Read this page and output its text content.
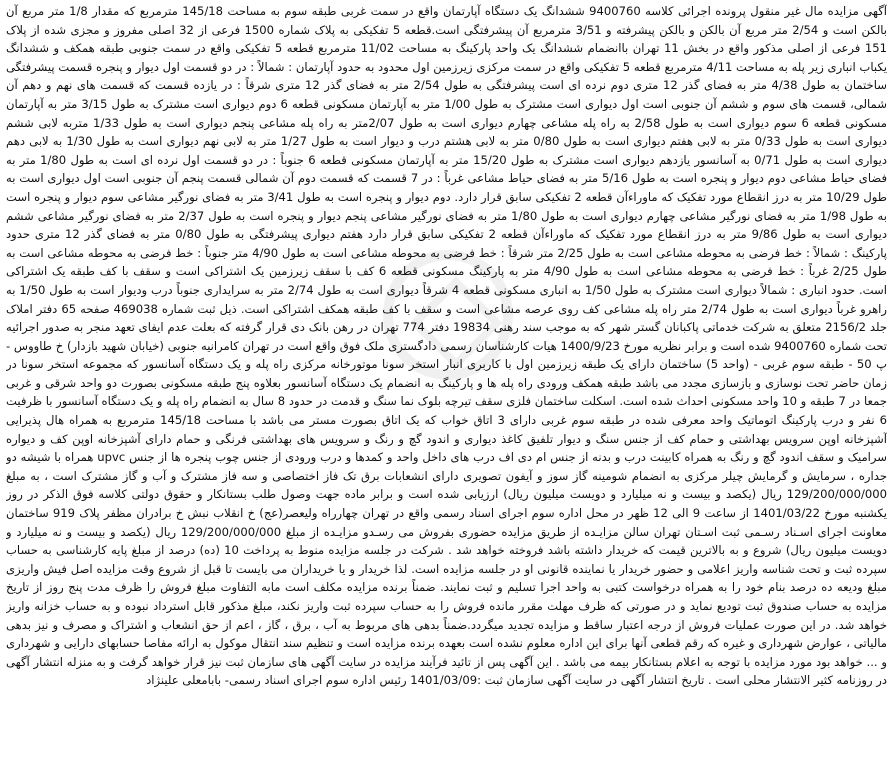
آگهی مزایده مال غیر منقول پرونده اجرائی کلاسه 9400760 ششدانگ یک دستگاه آپارتمان واقع در سمت غربی طبقه سوم به مساحت 145/18 مترمربع که مقدار 1/8 متر مربع آن بالکن است و 2/54 متر مربع آن بالکن و بالکن پیشرفته و 3/51 مترمربع آن پیشرفتگی است.قطعه 5 تفکیکی به پلاک شماره 1500 فرعی از 32 اصلی مفروز و مجزی شده از پلاک 151 فرعی از اصلی مذکور واقع در بخش 11 تهران باانضمام ششدانگ یک واحد پارکینگ به مساحت 11/02 مترمربع قطعه 5 تفکیکی واقع در سمت جنوبی طبقه همکف و ششدانگ یکباب انباری زیر پله به مساحت 4/11 مترمربع قطعه 5 تفکیکی واقع در سمت مرکزی زیرزمین اول محدود به حدود آپارتمان : شمالاً : در دو قسمت اول دیوار و پنجره قسمت پیشرفتگی ساختمان به طول 4/38 متر به فضای گذر 12 متری دوم نرده ای است پیشرفتگی به طول 2/54 متر به فضای گذر 12 متری شرقاً : در یازده قسمت که قسمت های نهم و دهم آن شمالی، قسمت های سوم و ششم آن جنوبی است اول دیواری است مشترک به طول 1/00 متر به آپارتمان مسکونی قطعه 6 دوم دیواری است مشترک به طول 3/15 متر به آپارتمان مسکونی قطعه 6 سوم دیواری است به طول 2/58 به راه پله مشاعی چهارم دیواری است به طول 2/07متر به راه پله مشاعی پنجم دیواری است به طول 1/33 متربه لابی ششم دیواری است به طول 0/33 متر به لابی هفتم دیواری است به طول 0/80 متر به لابی هشتم درب و دیوار است به طول 1/27 متر به لابی نهم دیواری است به طول 1/30 به لابی دهم دیواری است به طول 0/71 به آسانسور یازدهم دیواری است مشترک به طول 15/20 متر به آپارتمان مسکونی قطعه 6 جنوباً : در دو قسمت اول نرده ای است به طول 1/80 متر به فضای حیاط مشاعی دوم دیوار و پنجره است به طول 5/16 متر به فضای حیاط مشاعی غرباً : در 7 قسمت که قسمت دوم آن شمالی قسمت پنجم آن جنوبی است اول دیواری است به طول 10/29 متر به درز انقطاع مورد تفکیک که ماوراءآن قطعه 2 تفکیکی سابق قرار دارد. دوم دیوار و پنجره است به طول 3/41 متر به فضای نورگیر مشاعی سوم دیوار و پنجره است به طول 1/98 متر به فضای نورگیر مشاعی چهارم دیواری است به طول 1/80 متر به فضای نورگیر مشاعی پنجم دیوار و پنجره است به طول 2/37 متر به فضای نورگیر مشاعی ششم دیواری است به طول 9/86 متر به درز انقطاع مورد تفکیک که ماوراءآن قطعه 2 تفکیکی سابق قرار دارد هفتم دیواری پیشرفتگی به طول 0/80 متر به فضای گذر 12 متری حدود پارکینگ : شمالاً : خط فرضی به محوطه مشاعی است به طول 2/25 متر شرقاً : خط فرضی به محوطه مشاعی است به طول 4/90 متر جنوباً : خط فرضی به محوطه مشاعی است به طول 2/25 غرباً : خط فرضی به محوطه مشاعی است به طول 4/90 متر به پارکینگ مسکونی قطعه 6 کف با سقف زیرزمین یک اشتراکی است و سقف با کف طبقه یک اشتراکی است. حدود انباری : شمالاً دیواری است مشترک به طول 1/50 به انباری مسکونی قطعه 4 شرقاً دیواری است به طول 2/74 متر به سرایداری جنوباً درب ودیوار است به طول 1/50 به راهرو غرباً دیواری است به طول 2/74 متر راه پله مشاعی کف روی عرصه مشاعی است و سقف با کف طبقه همکف اشتراکی است. ذیل ثبت شماره 469038 صفحه 65 دفتر املاک جلد 2156/2 متعلق به شرکت خدماتی پاکبانان گستر شهر که به موجب سند رهنی 19834 دفتر 774 تهران در رهن بانک دی قرار گرفته که بعلت عدم ایفای تعهد منجر به صدور اجرائیه تحت شماره 9400760 شده است و برابر نظریه مورخ 1400/9/23 هیات کارشناسان رسمی دادگستری ملک فوق واقع است در تهران کامرانیه جنوبی (خیابان شهید بازدار) خ طاووس - پ 50 - طبقه سوم غربی - (واحد 5) ساختمان دارای یک طبقه زیرزمین اول با کاربری انبار استخر سونا موتورخانه مرکزی راه پله و یک دستگاه آسانسور که مجموعه استخر سونا در زمان حاضر تحت نوسازی و بازسازی مجدد می باشد طبقه همکف ورودی راه پله ها و پارکینگ به انضمام یک دستگاه آسانسور بعلاوه پنج طبقه مسکونی بصورت دو واحد شرقی و غربی جمعا در 7 طبقه و 10 واحد مسکونی احداث شده است. اسکلت ساختمان فلزی سقف تیرچه بلوک نما سنگ و قدمت در حدود 8 سال به انضمام راه پله و یک دستگاه آسانسور با ظرفیت 6 نفر و درب پارکینگ اتوماتیک واحد معرفی شده در طبقه سوم غربی دارای 3 اتاق خواب که یک اتاق بصورت مستر می باشد با مساحت 145/18 مترمربع به همراه هال پذیرایی آشپزخانه اوپن سرویس بهداشتی و حمام کف از جنس سنگ و دیوار تلفیق کاغذ دیواری و اندود گچ و رنگ و سرویس های بهداشتی فرنگی و حمام دارای آشپزخانه اوپن کف و دیواره سرامیک و سقف اندود گچ و رنگ به همراه کابینت درب و بدنه از جنس ام دی اف درب های داخل واحد و کمدها و درب ورودی از جنس چوب پنجره ها از جنس upvc همراه با شیشه دو جداره ، سرمایش و گرمایش چیلر مرکزی به انضمام شومینه گاز سوز و آیفون تصویری دارای انشعابات برق تک فاز اختصاصی و سه فاز مشترک و آب و گاز مشترک است ، به مبلغ 129/200/000/000 ریال (یکصد و بیست و نه میلیارد و دویست میلیون ریال) ارزیابی شده است و برابر ماده جهت وصول طلب بستانکار و حقوق دولتی کلاسه فوق الذکر در روز یکشنبه مورخ 1401/03/22 از ساعت 9 الی 12 ظهر در محل اداره سوم اجرای اسناد رسمی واقع در تهران چهارراه ولیعصر(عج) خ انقلاب نبش خ برادران مظفر پلاک 919 ساختمان معاونت اجرای اسـناد رسـمی ثبت اسـتان تهران سالن مزایـده از طریق مزایده حضوری بفروش می رسـدو مزایـده از مبلغ 129/200/000/000 ریال (یکصد و بیست و نه میلیارد و دویست میلیون ریال) شروع و به بالاترین قیمت که خریدار داشته باشد فروخته خواهد شد . شرکت در جلسه مزایده منوط به پرداخت 10 (ده) درصد از مبلغ پایه کارشناسی به حساب سپرده ثبت و تحت شناسه واریز اعلامی و حضور خریدار یا نماینده قانونی او در جلسه مزایده است. لذا خریدار و یا خریداران می بایست تا قبل از شروع وقت مزایده اصل فیش واریزی مبلغ ودیعه ده درصد بنام خود را به همراه درخواست کتبی به واحد اجرا تسلیم و ثبت نمایند. ضمناً برنده مزایده مکلف است مابه التفاوت مبلغ فروش را ظرف مدت پنج روز از تاریخ مزایده به حساب صندوق ثبت توديع نمايد و در صورتی که ظرف مهلت مقرر مانده فروش را به حساب سپرده ثبت واریز نکند، مبلغ مذکور قابل استرداد نبوده و به حساب خزانه واریز خواهد شد. در این صورت عملیات فروش از درجه اعتبار ساقط و مزایده تجدید میگردد.ضمناً بدهی های مربوط به آب ، برق ، گاز ، اعم از حق انشعاب و اشتراک و مصرف و نیز بدهی مالیاتی ، عوارض شهرداری و غیره که رقم قطعی آنها برای این اداره معلوم نشده است بعهده برنده مزایده است و تنظیم سند انتقال موکول به ارائه مفاصا حسابهای دارایی و شهرداری و ... خواهد بود مورد مزایده با توجه به اعلام بستانکار بیمه می باشد . این آگهی پس از تائید فرآیند مزایده در سایت آگهی های سازمان ثبت نیز قرار خواهد گرفت و به منزله انتشار آگهی در روزنامه کثیر الانتشار محلی است . تاریخ انتشار آگهی در سایت آگهی سازمان ثبت :1401/03/09 رئیس اداره سوم اجرای اسناد رسمی- بابامعلی علینژاد
